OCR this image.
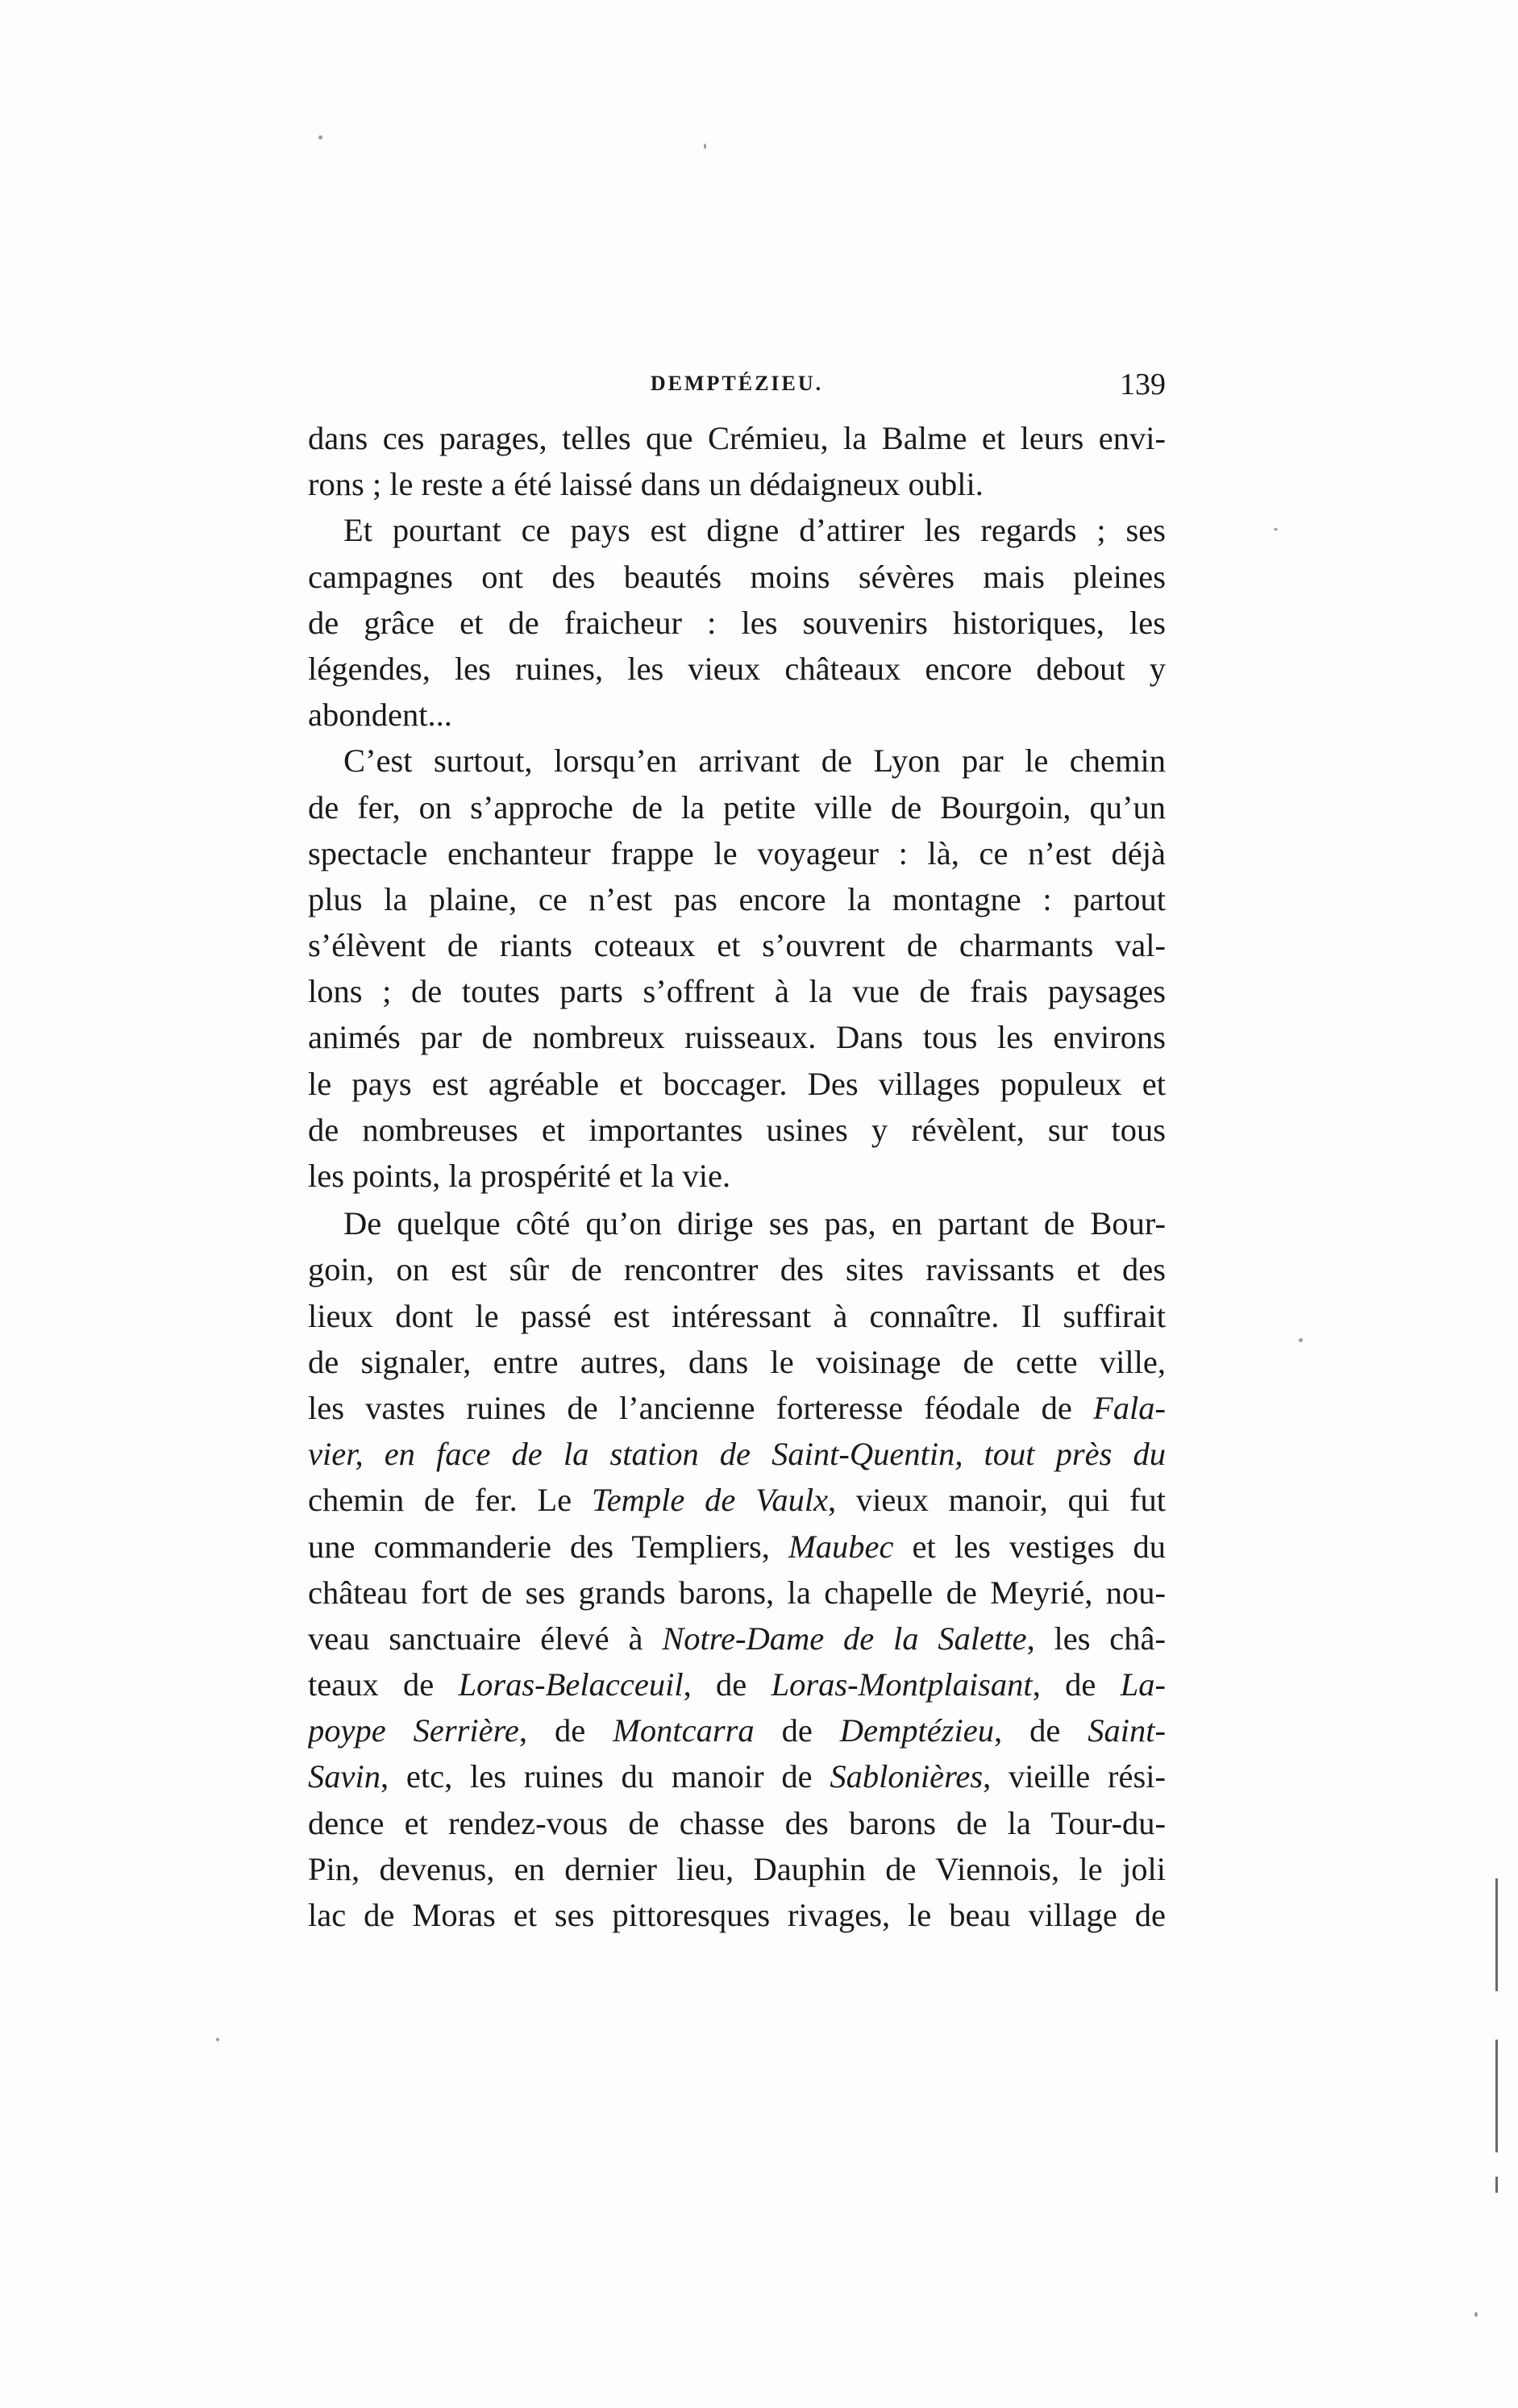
DEMPTÉZIEU.	139
dans ces parages, telles que Crémieu, la Balme et leurs envi-
rons ; le reste a été laissé dans un dédaigneux oubli.
Et pourtant ce pays est digne d’attirer les regards ; ses
campagnes ont des beautés moins sévères mais pleines
de grâce et de fraicheur : les souvenirs historiques, les
légendes, les ruines, les vieux châteaux encore debout y
abondent...
C’est surtout, lorsqu’en arrivant de Lyon par le chemin
de fer, on s’approche de la petite ville de Bourgoin, qu’un
spectacle enchanteur frappe le voyageur : là, ce n’est déjà
plus la plaine, ce n’est pas encore la montagne : partout
s’élèvent de riants coteaux et s’ouvrent de charmants val-
lons ; de toutes parts s’offrent à la vue de frais paysages
animés par de nombreux ruisseaux. Dans tous les environs
le pays est agréable et boccager. Des villages populeux et
de nombreuses et importantes usines y révèlent, sur tous
les points, la prospérité et la vie.
De quelque côté qu’on dirige ses pas, en partant de Bour-
goin, on est sûr de rencontrer des sites ravissants et des
lieux dont le passé est intéressant à connaître. Il suffirait
de signaler, entre autres, dans le voisinage de cette ville,
les vastes ruines de l’ancienne forteresse féodale de Fala-
vier, en face de la station de Saint-Quentin, tout près du
chemin de fer. Le Temple de Vaulx, vieux manoir, qui fut
une commanderie des Templiers, Maubec et les vestiges du
château fort de ses grands barons, la chapelle de Meyrié, nou-
veau sanctuaire élevé à Notre-Dame de la Salette, les châ-
teaux de Loras-Belacceuil, de Loras-Montplaisant, de La-
poype Serrière, de Montcarra de Demptézieu, de Saint-
Savin, etc, les ruines du manoir de Sablonières, vieille rési-
dence et rendez-vous de chasse des barons de la Tour-du-
Pin, devenus, en dernier lieu, Dauphin de Viennois, le joli
lac de Moras et ses pittoresques rivages, le beau village de
